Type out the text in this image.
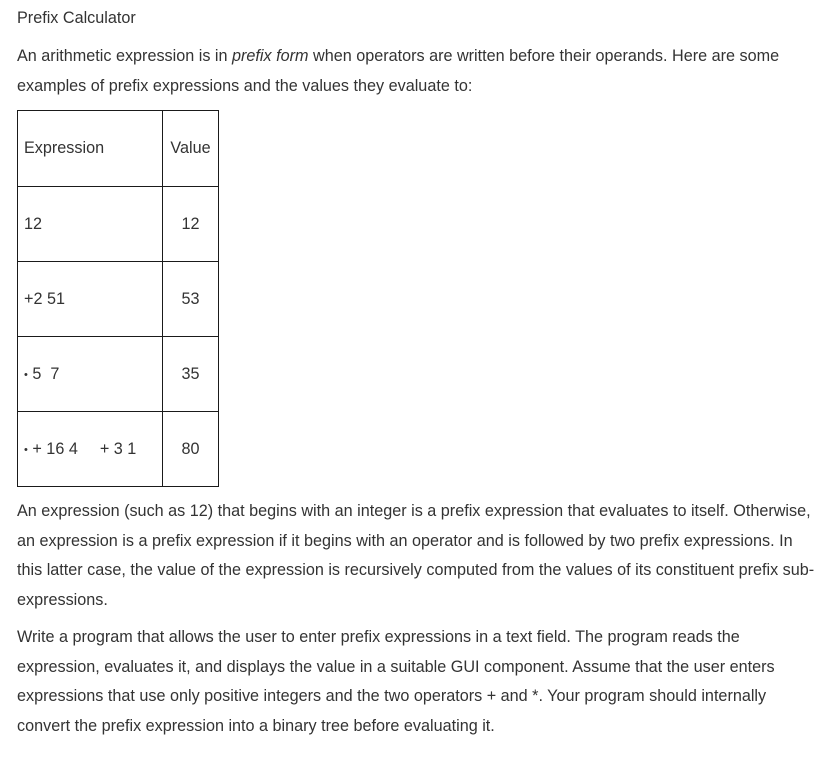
Prefix Calculator

An arithmetic expression is in prefix form when operators are written before their operands. Here are some examples of prefix expressions and the values they evaluate to:

Expression	Value
12	12
+2 51	53
• 5 7	35
• + 16 4 + 3 1	80

An expression (such as 12) that begins with an integer is a prefix expression that evaluates to itself. Otherwise, an expression is a prefix expression if it begins with an operator and is followed by two prefix expressions. In this latter case, the value of the expression is recursively computed from the values of its constituent prefix sub-expressions.

Write a program that allows the user to enter prefix expressions in a text field. The program reads the expression, evaluates it, and displays the value in a suitable GUI component. Assume that the user enters expressions that use only positive integers and the two operators + and *. Your program should internally convert the prefix expression into a binary tree before evaluating it.
